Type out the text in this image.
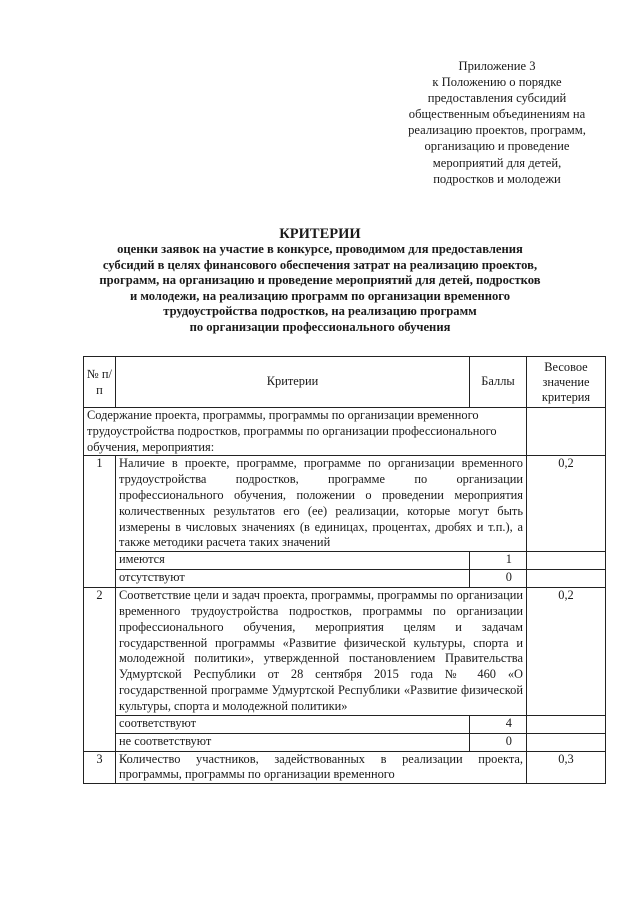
Приложение 3
к Положению о порядке
предоставления субсидий
общественным объединениям на
реализацию проектов, программ,
организацию и проведение
мероприятий для детей,
подростков и молодежи
КРИТЕРИИ
оценки заявок на участие в конкурсе, проводимом для предоставления
субсидий в целях финансового обеспечения затрат на реализацию проектов,
программ, на организацию и проведение мероприятий для детей, подростков
и молодежи, на реализацию программ по организации временного
трудоустройства подростков, на реализацию программ
по организации профессионального обучения
№ п/п	Критерии	Баллы	Весовое значение критерия
Содержание проекта, программы, программы по организации временного трудоустройства подростков, программы по организации профессионального обучения, мероприятия:			
1	Наличие в проекте, программе, программе по организации временного трудоустройства подростков, программе по организации профессионального обучения, положении о проведении мероприятия количественных результатов его (ее) реализации, которые могут быть измерены в числовых значениях (в единицах, процентах, дробях и т.п.), а также методики расчета таких значений		0,2
	имеются	1	
	отсутствуют	0	
2	Соответствие цели и задач проекта, программы, программы по организации временного трудоустройства подростков, программы по организации профессионального обучения, мероприятия целям и задачам государственной программы «Развитие физической культуры, спорта и молодежной политики», утвержденной постановлением Правительства Удмуртской Республики от 28 сентября 2015 года № 460 «О государственной программе Удмуртской Республики «Развитие физической культуры, спорта и молодежной политики»		0,2
	соответствуют	4	
	не соответствуют	0	
3	Количество участников, задействованных в реализации проекта, программы, программы по организации временного		0,3
